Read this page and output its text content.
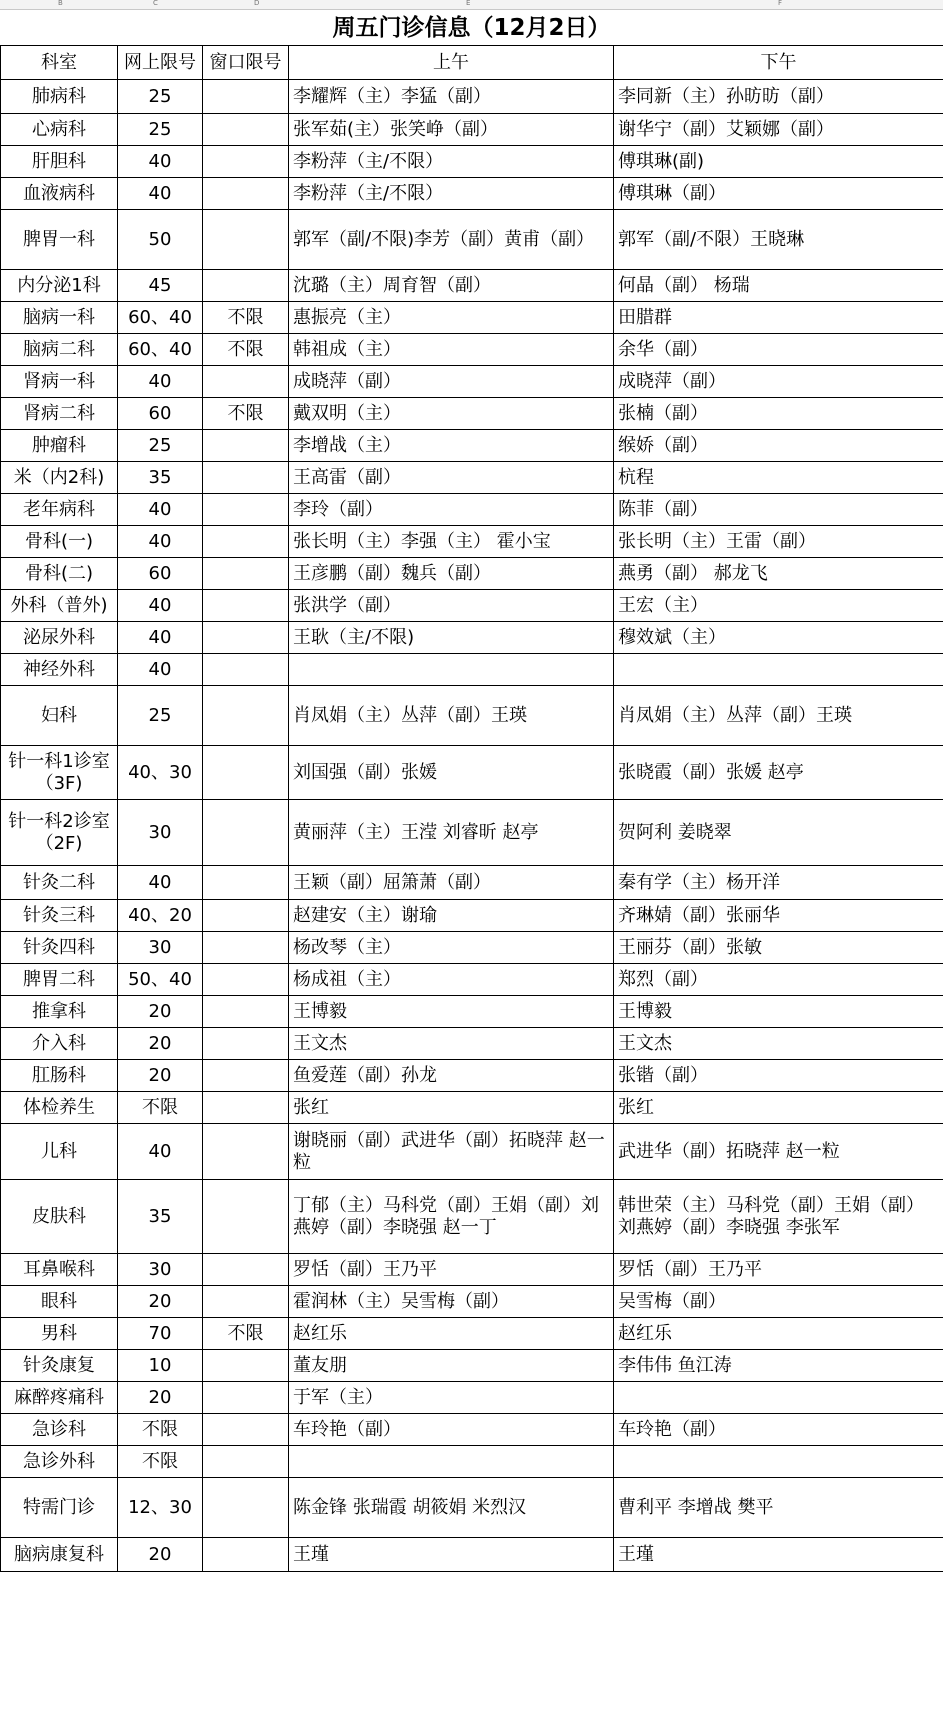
B	C	D	E	F
周五门诊信息（12月2日）
科室	网上限号	窗口限号	上午	下午
肺病科	25		李耀辉（主）李猛（副）	李同新（主）孙昉昉（副）
心病科	25		张军茹(主）张笑峥（副）	谢华宁（副）艾颖娜（副）
肝胆科	40		李粉萍（主/不限）	傅琪琳(副)
血液病科	40		李粉萍（主/不限）	傅琪琳（副）
脾胃一科	50		郭军（副/不限)李芳（副）黄甫（副）	郭军（副/不限）王晓琳
内分泌1科	45		沈璐（主）周育智（副）	何晶（副） 杨瑞
脑病一科	60、40	不限	惠振亮（主）	田腊群
脑病二科	60、40	不限	韩祖成（主）	余华（副）
肾病一科	40		成晓萍（副）	成晓萍（副）
肾病二科	60	不限	戴双明（主）	张楠（副）
肿瘤科	25		李增战（主）	缑娇（副）
米（内2科)	35		王高雷（副）	杭程
老年病科	40		李玲（副）	陈菲（副）
骨科(一)	40		张长明（主）李强（主） 霍小宝	张长明（主）王雷（副）
骨科(二)	60		王彦鹏（副）魏兵（副）	燕勇（副） 郝龙飞
外科（普外)	40		张洪学（副）	王宏（主）
泌尿外科	40		王耿（主/不限)	穆效斌（主）
神经外科	40			
妇科	25		肖凤娟（主）丛萍（副）王瑛	肖凤娟（主）丛萍（副）王瑛
针一科1诊室（3F)	40、30		刘国强（副）张媛	张晓霞（副）张媛 赵亭
针一科2诊室（2F)	30		黄丽萍（主）王滢 刘睿昕 赵亭	贺阿利 姜晓翠
针灸二科	40		王颖（副）屈箫萧（副）	秦有学（主）杨开洋
针灸三科	40、20		赵建安（主）谢瑜	齐琳婧（副）张丽华
针灸四科	30		杨改琴（主）	王丽芬（副）张敏
脾胃二科	50、40		杨成祖（主）	郑烈（副）
推拿科	20		王博毅	王博毅
介入科	20		王文杰	王文杰
肛肠科	20		鱼爱莲（副）孙龙	张锴（副）
体检养生	不限		张红	张红
儿科	40		谢晓丽（副）武进华（副）拓晓萍 赵一粒	武进华（副）拓晓萍 赵一粒
皮肤科	35		丁郁（主）马科党（副）王娟（副）刘燕婷（副）李晓强 赵一丁	韩世荣（主）马科党（副）王娟（副）刘燕婷（副）李晓强 李张军
耳鼻喉科	30		罗恬（副）王乃平	罗恬（副）王乃平
眼科	20		霍润林（主）吴雪梅（副）	吴雪梅（副）
男科	70	不限	赵红乐	赵红乐
针灸康复	10		董友朋	李伟伟 鱼江涛
麻醉疼痛科	20		于军（主）	
急诊科	不限		车玲艳（副）	车玲艳（副）
急诊外科	不限			
特需门诊	12、30		陈金锋 张瑞霞 胡筱娟 米烈汉	曹利平 李增战 樊平
脑病康复科	20		王瑾	王瑾
